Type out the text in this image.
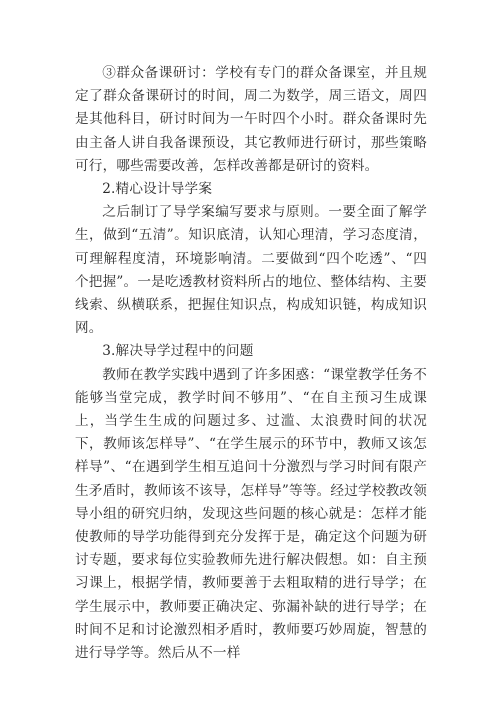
③群众备课研讨：学校有专门的群众备课室，并且规定了群众备课研讨的时间，周二为数学，周三语文，周四是其他科目，研讨时间为一午时四个小时。群众备课时先由主备人讲自我备课预设，其它教师进行研讨，那些策略可行，哪些需要改善，怎样改善都是研讨的资料。

2.精心设计导学案

之后制订了导学案编写要求与原则。一要全面了解学生，做到“五清”。知识底清，认知心理清，学习态度清，可理解程度清，环境影响清。二要做到“四个吃透”、“四个把握”。一是吃透教材资料所占的地位、整体结构、主要线索、纵横联系，把握住知识点，构成知识链，构成知识网。

3.解决导学过程中的问题

教师在教学实践中遇到了许多困惑：“课堂教学任务不能够当堂完成，教学时间不够用”、“在自主预习生成课上，当学生生成的问题过多、过滥、太浪费时间的状况下，教师该怎样导”、“在学生展示的环节中，教师又该怎样导”、“在遇到学生相互追问十分激烈与学习时间有限产生矛盾时，教师该不该导，怎样导”等等。经过学校教改领导小组的研究归纳，发现这些问题的核心就是：怎样才能使教师的导学功能得到充分发挥于是，确定这个问题为研讨专题，要求每位实验教师先进行解决假想。如：自主预习课上，根据学情，教师要善于去粗取精的进行导学；在学生展示中，教师要正确决定、弥漏补缺的进行导学；在时间不足和讨论激烈相矛盾时，教师要巧妙周旋，智慧的进行导学等。然后从不一样
